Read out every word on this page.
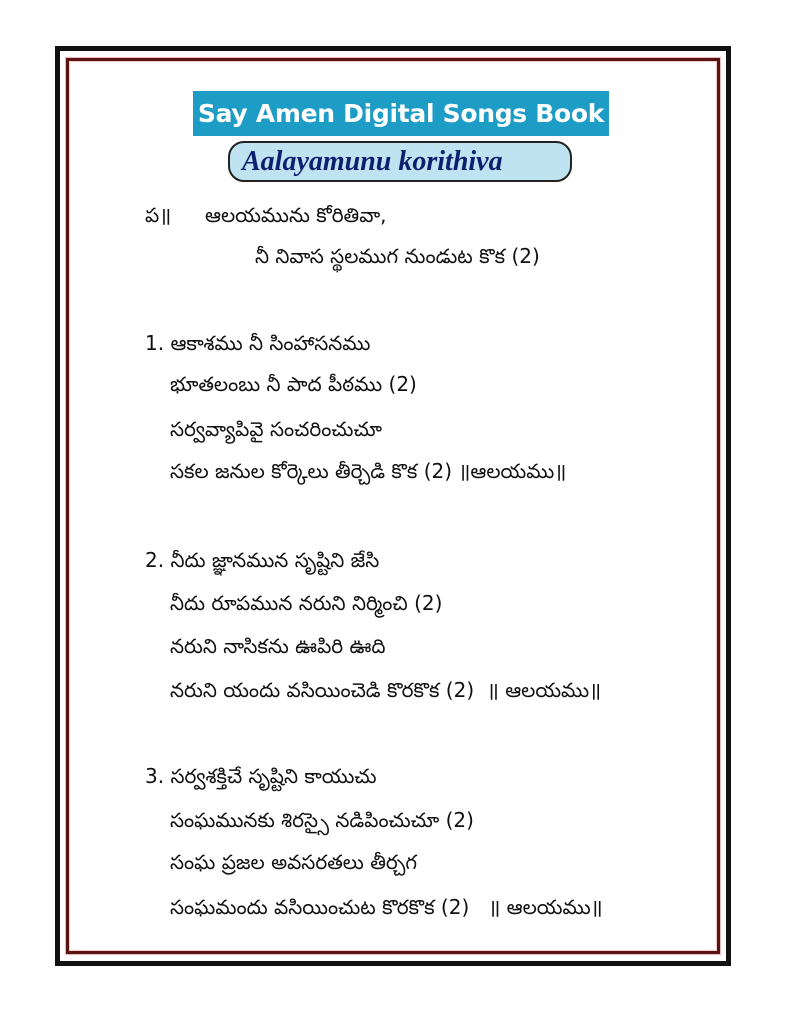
Say Amen Digital Songs Book
Aalayamunu korithiva
ప॥ ఆలయమును కోరితివా,
నీ నివాస స్థలముగ నుండుట కొక (2)
1. ఆకాశము నీ సింహాసనము
భూతలంబు నీ పాద పీఠము (2)
సర్వవ్యాపివై సంచరించుచూ
సకల జనుల కోర్కెలు తీర్చెడి కొక (2) ॥ఆలయము॥
2. నీదు జ్ఞానమున సృష్టిని జేసి
నీదు రూపమున నరుని నిర్మించి (2)
నరుని నాసికను ఊపిరి ఊది
నరుని యందు వసియించెడి కొరకొక (2)  ॥ ఆలయము॥
3. సర్వశక్తిచే సృష్టిని కాయుచు
సంఘమునకు శిరస్సై నడిపించుచూ (2)
సంఘ ప్రజల అవసరతలు తీర్చగ
సంఘమందు వసియించుట కొరకొక (2)   ॥ ఆలయము॥
